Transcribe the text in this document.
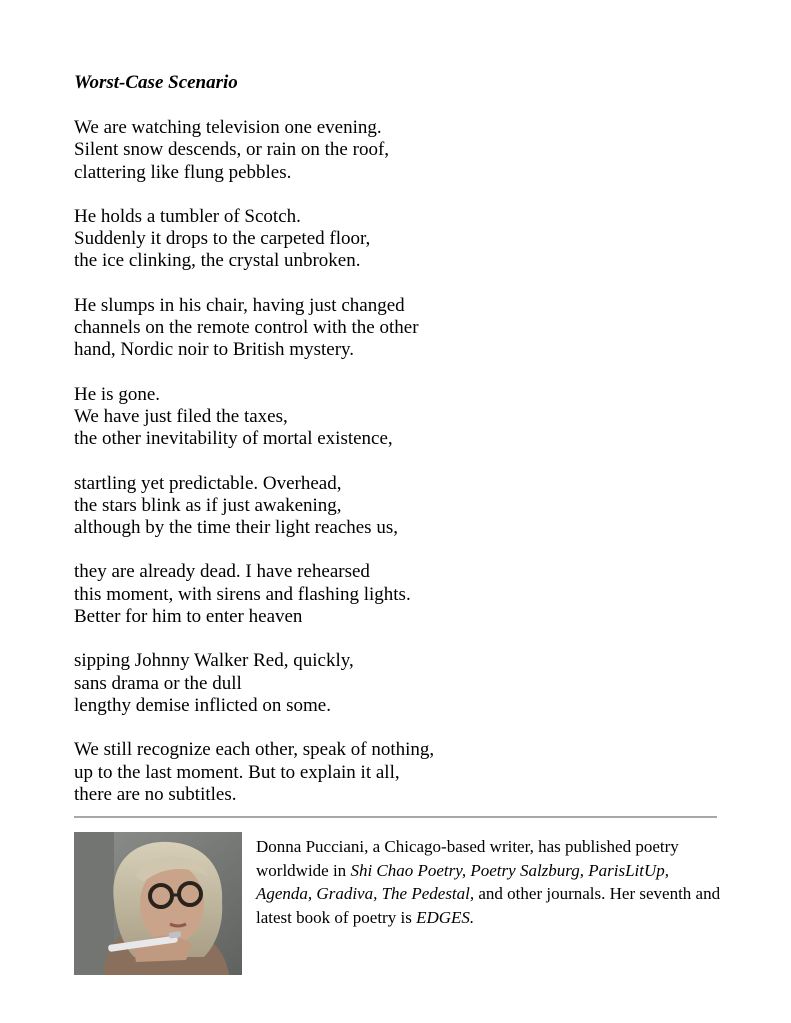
Worst-Case Scenario
We are watching television one evening.
Silent snow descends, or rain on the roof,
clattering like flung pebbles.
He holds a tumbler of Scotch.
Suddenly it drops to the carpeted floor,
the ice clinking, the crystal unbroken.
He slumps in his chair, having just changed
channels on the remote control with the other
hand, Nordic noir to British mystery.
He is gone.
We have just filed the taxes,
the other inevitability of mortal existence,
startling yet predictable. Overhead,
the stars blink as if just awakening,
although by the time their light reaches us,
they are already dead. I have rehearsed
this moment, with sirens and flashing lights.
Better for him to enter heaven
sipping Johnny Walker Red, quickly,
sans drama or the dull
lengthy demise inflicted on some.
We still recognize each other, speak of nothing,
up to the last moment. But to explain it all,
there are no subtitles.
Donna Pucciani, a Chicago-based writer, has published poetry worldwide in Shi Chao Poetry, Poetry Salzburg, ParisLitUp, Agenda, Gradiva, The Pedestal, and other journals. Her seventh and latest book of poetry is EDGES.
